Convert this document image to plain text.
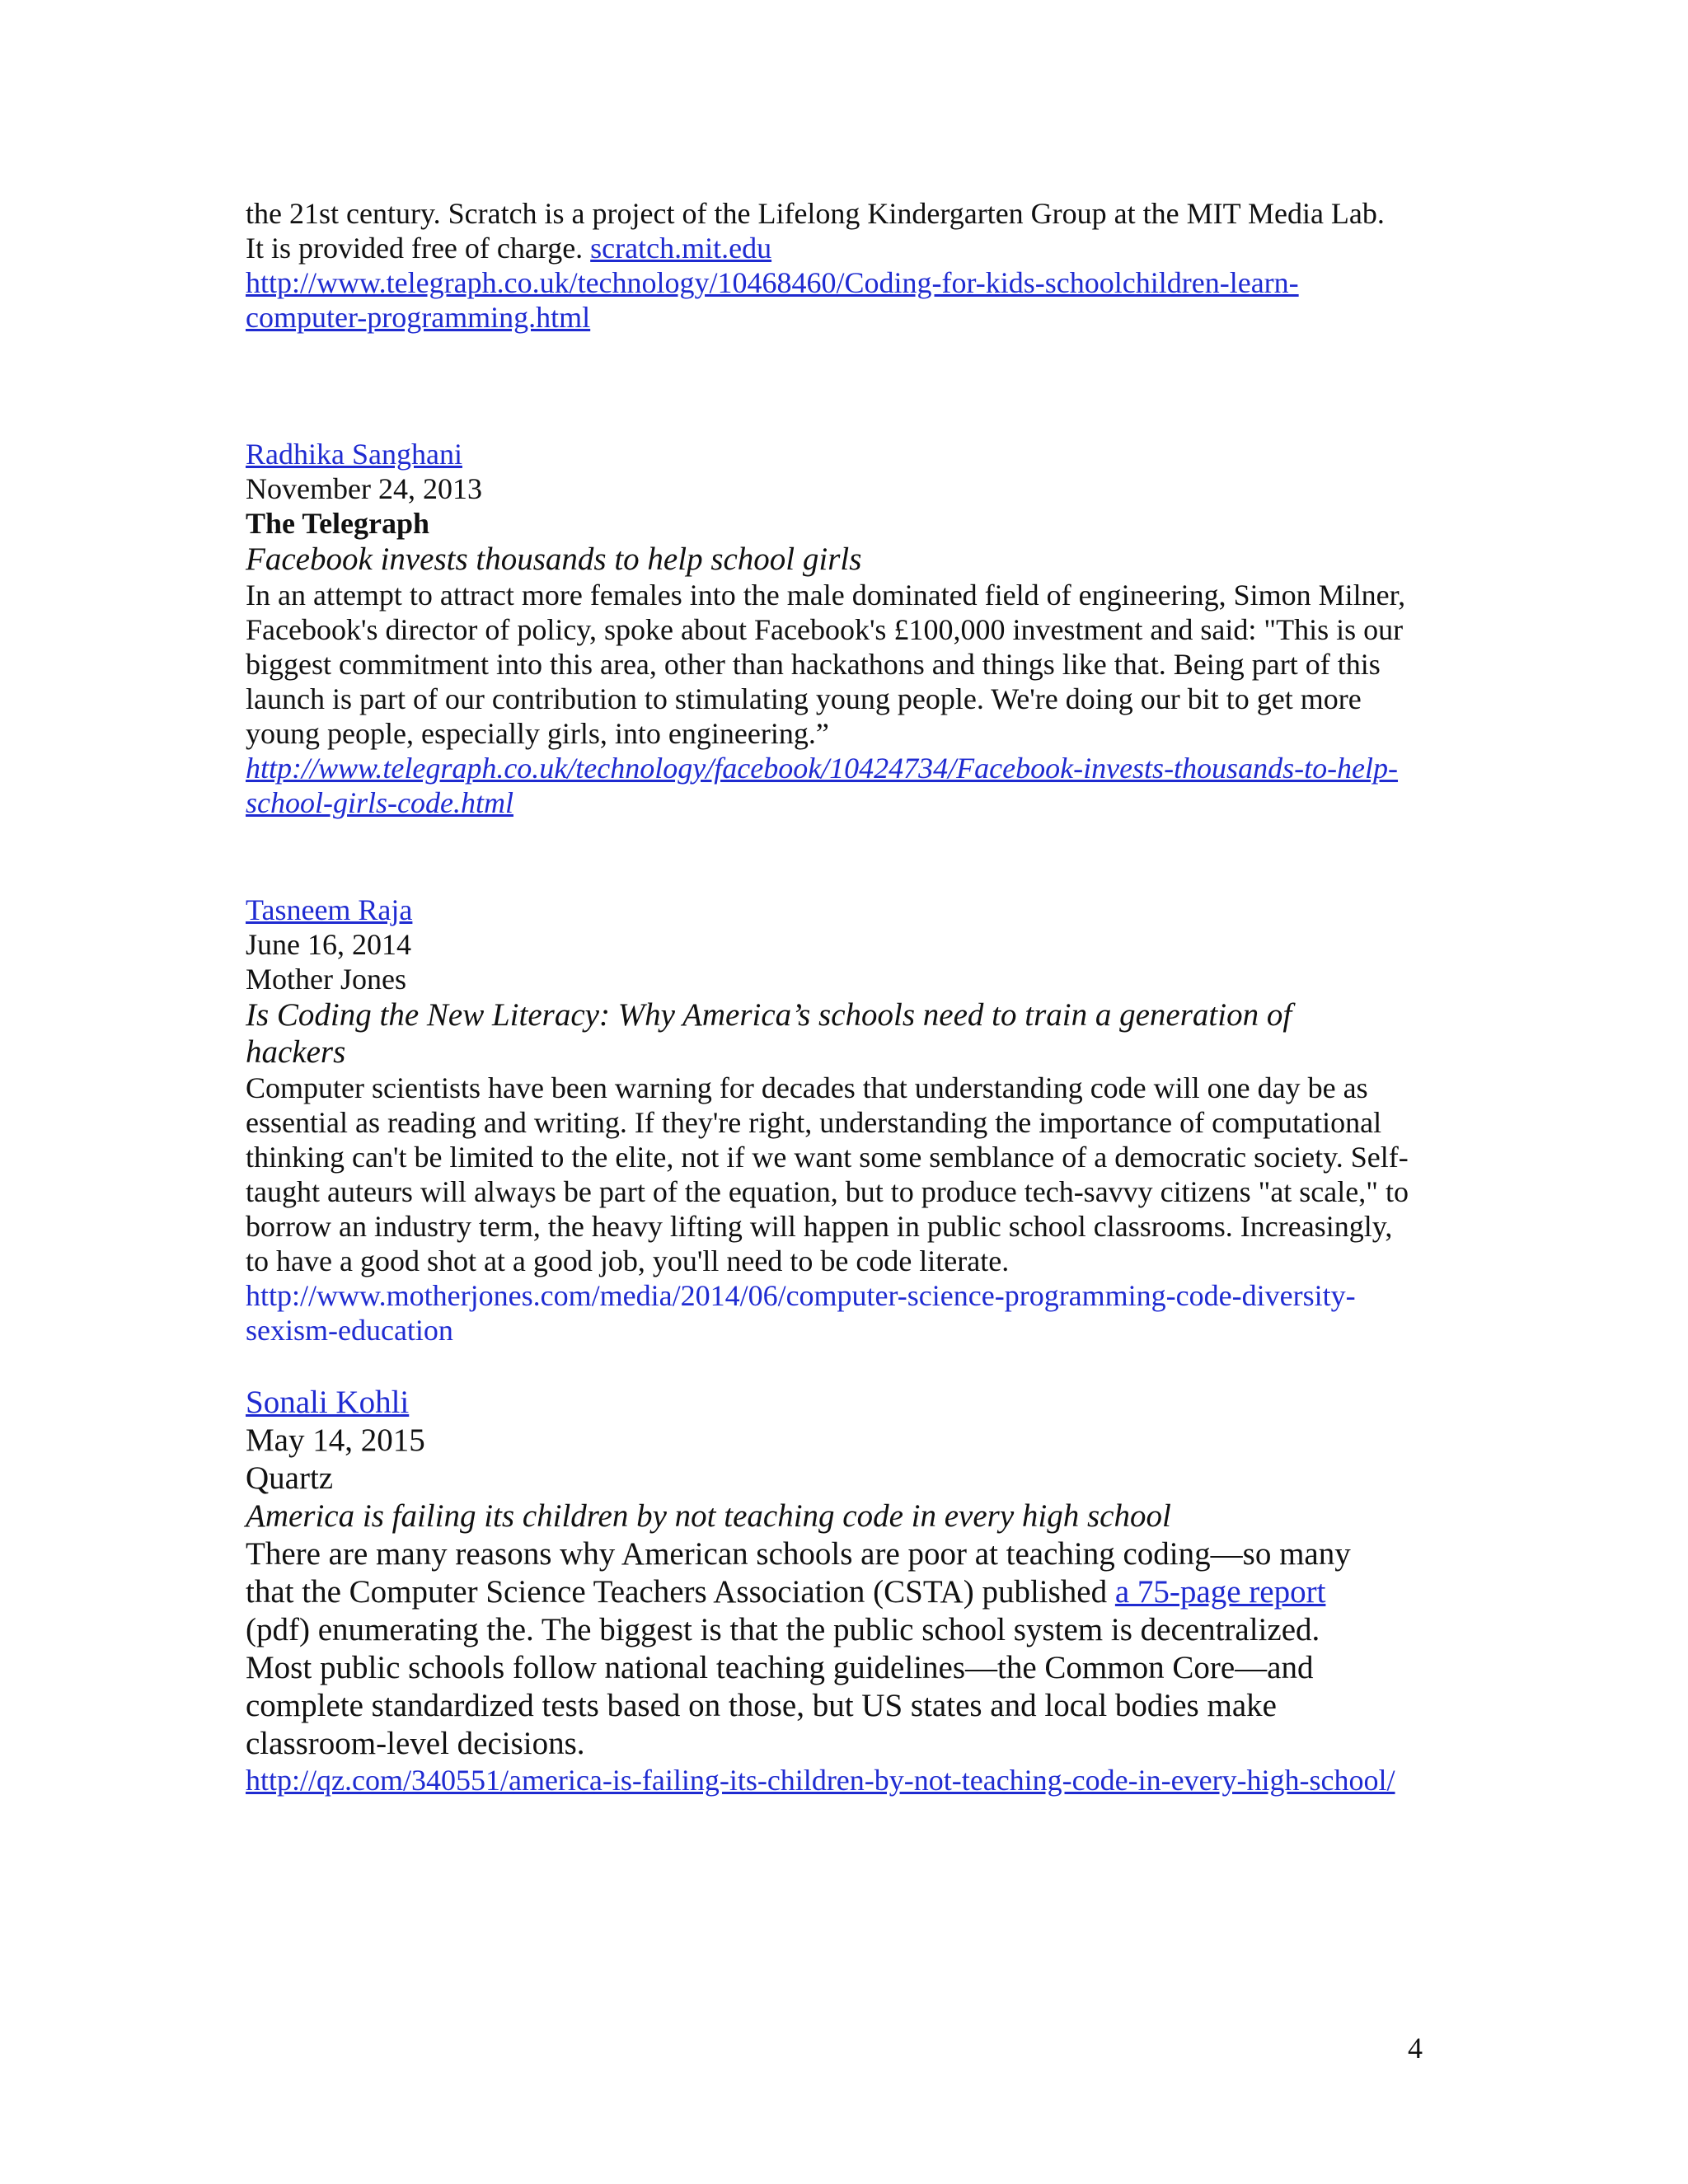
the 21st century. Scratch is a project of the Lifelong Kindergarten Group at the MIT Media Lab.
It is provided free of charge. scratch.mit.edu
http://www.telegraph.co.uk/technology/10468460/Coding-for-kids-schoolchildren-learn-
computer-programming.html
Radhika Sanghani
November 24, 2013
The Telegraph
Facebook invests thousands to help school girls
In an attempt to attract more females into the male dominated field of engineering, Simon Milner,
Facebook's director of policy, spoke about Facebook's £100,000 investment and said: "This is our
biggest commitment into this area, other than hackathons and things like that. Being part of this
launch is part of our contribution to stimulating young people. We're doing our bit to get more
young people, especially girls, into engineering.”
http://www.telegraph.co.uk/technology/facebook/10424734/Facebook-invests-thousands-to-help-
school-girls-code.html
Tasneem Raja
June 16, 2014
Mother Jones
Is Coding the New Literacy: Why America’s schools need to train a generation of
hackers
Computer scientists have been warning for decades that understanding code will one day be as
essential as reading and writing. If they're right, understanding the importance of computational
thinking can't be limited to the elite, not if we want some semblance of a democratic society. Self-
taught auteurs will always be part of the equation, but to produce tech-savvy citizens "at scale," to
borrow an industry term, the heavy lifting will happen in public school classrooms. Increasingly,
to have a good shot at a good job, you'll need to be code literate.
http://www.motherjones.com/media/2014/06/computer-science-programming-code-diversity-
sexism-education
Sonali Kohli
May 14, 2015
Quartz
America is failing its children by not teaching code in every high school
There are many reasons why American schools are poor at teaching coding—so many
that the Computer Science Teachers Association (CSTA) published a 75-page report
(pdf) enumerating the. The biggest is that the public school system is decentralized.
Most public schools follow national teaching guidelines—the Common Core—and
complete standardized tests based on those, but US states and local bodies make
classroom-level decisions.
http://qz.com/340551/america-is-failing-its-children-by-not-teaching-code-in-every-high-school/
4
